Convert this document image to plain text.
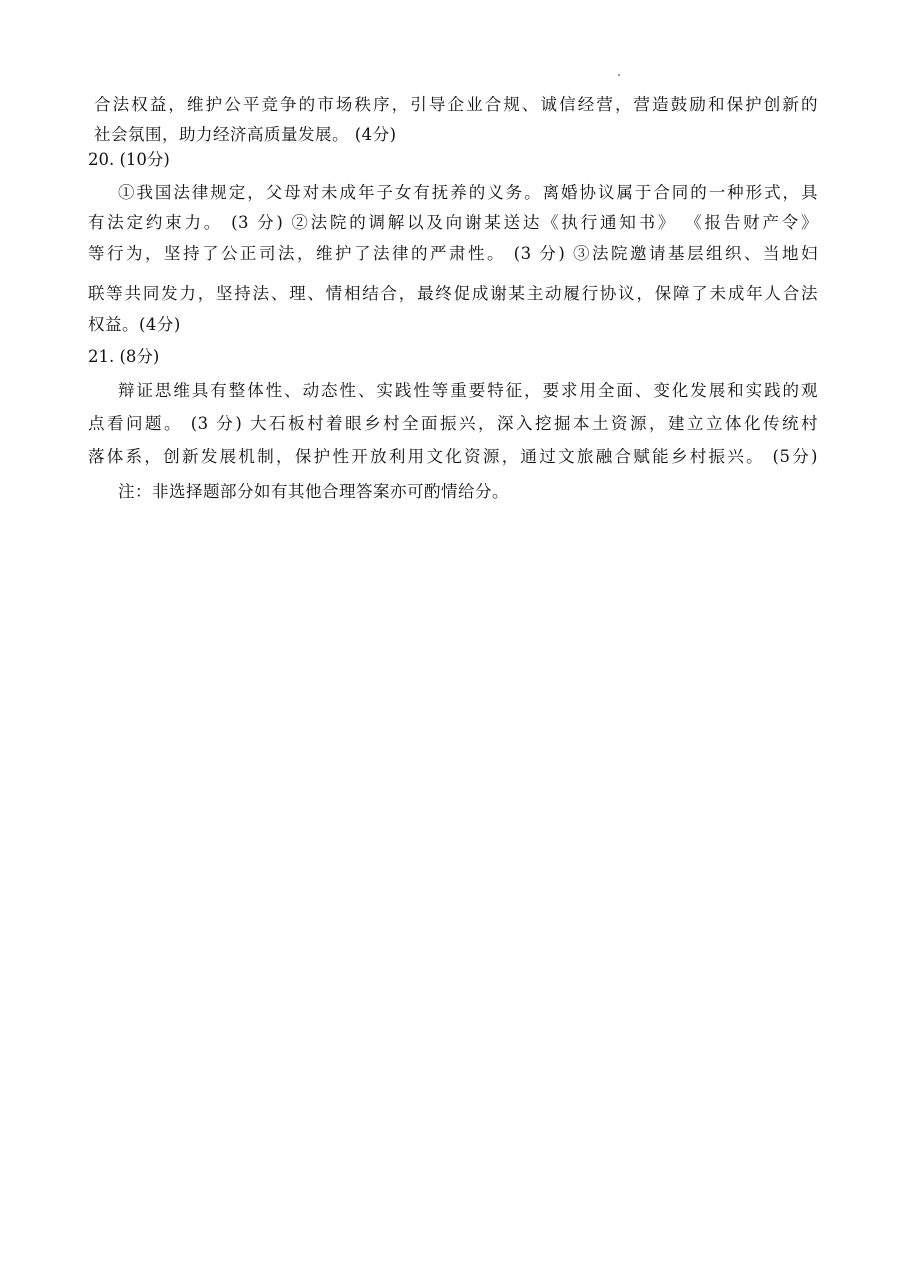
合法权益，维护公平竞争的市场秩序，引导企业合规、诚信经营，营造鼓励和保护创新的
社会氛围，助力经济高质量发展。 (4分)
20. (10分)
①我国法律规定，父母对未成年子女有抚养的义务。离婚协议属于合同的一种形式，具
有法定约束力。 (3 分) ②法院的调解以及向谢某送达《执行通知书》 《报告财产令》
等行为，坚持了公正司法，维护了法律的严肃性。 (3 分) ③法院邀请基层组织、当地妇
联等共同发力，坚持法、理、情相结合，最终促成谢某主动履行协议，保障了未成年人合法
权益。(4分)
21. (8分)
辩证思维具有整体性、动态性、实践性等重要特征，要求用全面、变化发展和实践的观
点看问题。 (3 分) 大石板村着眼乡村全面振兴，深入挖掘本土资源，建立立体化传统村
落体系，创新发展机制，保护性开放利用文化资源，通过文旅融合赋能乡村振兴。 (5分)
注：非选择题部分如有其他合理答案亦可酌情给分。
